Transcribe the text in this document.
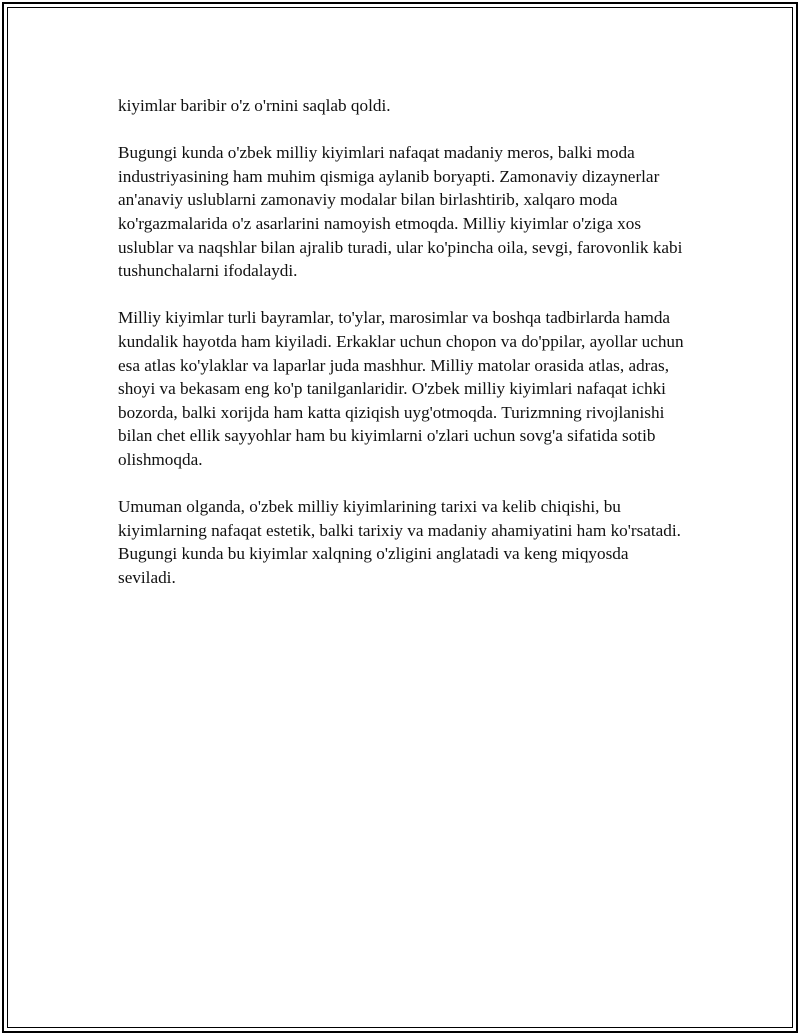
kiyimlar baribir o'z o'rnini saqlab qoldi.

Bugungi kunda o'zbek milliy kiyimlari nafaqat madaniy meros, balki moda industriyasining ham muhim qismiga aylanib boryapti. Zamonaviy dizaynerlar an'anaviy uslublarni zamonaviy modalar bilan birlashtirib, xalqaro moda ko'rgazmalarida o'z asarlarini namoyish etmoqda. Milliy kiyimlar o'ziga xos uslublar va naqshlar bilan ajralib turadi, ular ko'pincha oila, sevgi, farovonlik kabi tushunchalarni ifodalaydi.

Milliy kiyimlar turli bayramlar, to'ylar, marosimlar va boshqa tadbirlarda hamda kundalik hayotda ham kiyiladi. Erkaklar uchun chopon va do'ppilar, ayollar uchun esa atlas ko'ylaklar va laparlar juda mashhur. Milliy matolar orasida atlas, adras, shoyi va bekasam eng ko'p tanilganlaridir. O'zbek milliy kiyimlari nafaqat ichki bozorda, balki xorijda ham katta qiziqish uyg'otmoqda. Turizmning rivojlanishi bilan chet ellik sayyohlar ham bu kiyimlarni o'zlari uchun sovg'a sifatida sotib olishmoqda.

Umuman olganda, o'zbek milliy kiyimlarining tarixi va kelib chiqishi, bu kiyimlarning nafaqat estetik, balki tarixiy va madaniy ahamiyatini ham ko'rsatadi. Bugungi kunda bu kiyimlar xalqning o'zligini anglatadi va keng miqyosda seviladi.
